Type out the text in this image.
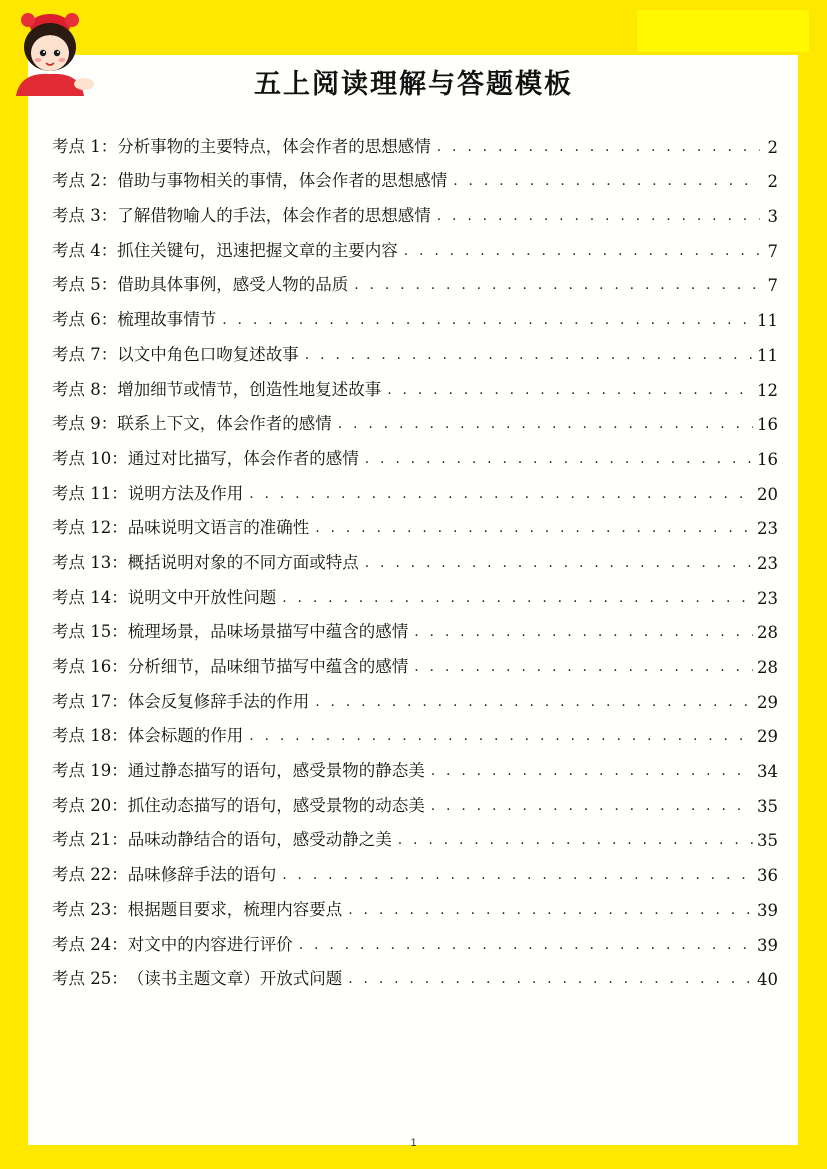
五上阅读理解与答题模板
考点 1： 分析事物的主要特点，体会作者的思想感情 . . .	2
考点 2： 借助与事物相关的事情，体会作者的思想感情 . . .	2
考点 3： 了解借物喻人的手法，体会作者的思想感情 . . .	3
考点 4： 抓住关键句，迅速把握文章的主要内容 . . .	7
考点 5： 借助具体事例，感受人物的品质 . . .	7
考点 6： 梳理故事情节 . . .	11
考点 7： 以文中角色口吻复述故事 . . .	11
考点 8： 增加细节或情节，创造性地复述故事 . . .	12
考点 9： 联系上下文，体会作者的感情 . . .	16
考点 10： 通过对比描写，体会作者的感情 . . .	16
考点 11： 说明方法及作用 . . .	20
考点 12： 品味说明文语言的准确性 . . .	23
考点 13： 概括说明对象的不同方面或特点 . . .	23
考点 14： 说明文中开放性问题 . . .	23
考点 15： 梳理场景，品味场景描写中蕴含的感情 . . .	28
考点 16： 分析细节，品味细节描写中蕴含的感情 . . .	28
考点 17： 体会反复修辞手法的作用 . . .	29
考点 18： 体会标题的作用 . . .	29
考点 19： 通过静态描写的语句，感受景物的静态美 . . .	34
考点 20： 抓住动态描写的语句，感受景物的动态美 . . .	35
考点 21： 品味动静结合的语句，感受动静之美 . . .	35
考点 22： 品味修辞手法的语句 . . .	36
考点 23： 根据题目要求，梳理内容要点 . . .	39
考点 24： 对文中的内容进行评价 . . .	39
考点 25： （读书主题文章）开放式问题 . . .	40
1
